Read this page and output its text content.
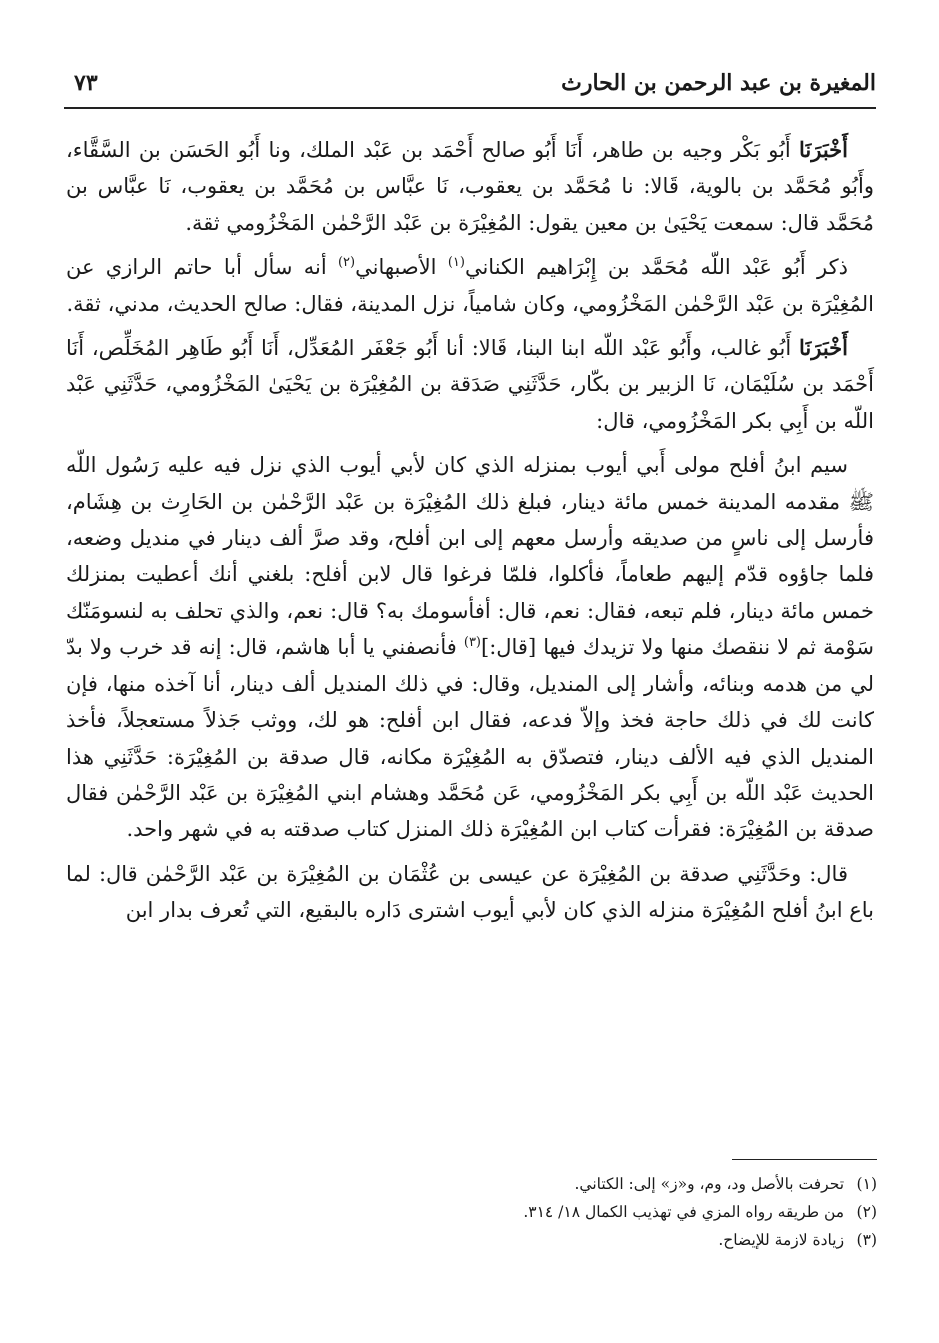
المغيرة بن عبد الرحمن بن الحارث
٧٣

أَخْبَرَنَا أَبُو بَكْر وجيه بن طاهر، أَنَا أَبُو صالح أَحْمَد بن عَبْد الملك، ونا أَبُو الحَسَن بن السَّقَّاء، وأَبُو مُحَمَّد بن بالوية، قَالا: نا مُحَمَّد بن يعقوب، نَا عبَّاس بن مُحَمَّد بن يعقوب، نَا عبَّاس بن مُحَمَّد قال: سمعت يَحْيَىٰ بن معين يقول: المُغِيْرَة بن عَبْد الرَّحْمٰن المَخْزُومي ثقة.

ذكر أَبُو عَبْد اللّه مُحَمَّد بن إِبْرَاهيم الكناني$^{(١)}$ الأصبهاني$^{(٢)}$ أنه سأل أبا حاتم الرازي عن المُغِيْرَة بن عَبْد الرَّحْمٰن المَخْزُومي، وكان شامياً، نزل المدينة، فقال: صالح الحديث، مدني، ثقة.

أَخْبَرَنَا أَبُو غالب، وأَبُو عَبْد اللّه ابنا البنا، قَالا: أنا أَبُو جَعْفَر المُعَدِّل، أَنَا أَبُو طَاهِر المُخَلِّص، أَنَا أَحْمَد بن سُلَيْمَان، نَا الزبير بن بكّار، حَدَّثَنِي صَدَقة بن المُغِيْرَة بن يَحْيَىٰ المَخْزُومي، حَدَّثَنِي عَبْد اللّه بن أَبِي بكر المَخْزُومي، قال:

سيم ابنُ أفلح مولى أَبي أيوب بمنزله الذي كان لأبي أيوب الذي نزل فيه عليه رَسُول اللّه ﷺ مقدمه المدينة خمس مائة دينار، فبلغ ذلك المُغِيْرَة بن عَبْد الرَّحْمٰن بن الحَارِث بن هِشَام، فأرسل إلى ناسٍ من صديقه وأرسل معهم إلى ابن أفلح، وقد صرَّ ألف دينار في منديل وضعه، فلما جاؤوه قدّم إليهم طعاماً، فأكلوا، فلمّا فرغوا قال لابن أفلح: بلغني أنك أعطيت بمنزلك خمس مائة دينار، فلم تبعه، فقال: نعم، قال: أفأسومك به؟ قال: نعم، والذي تحلف به لنسومَنّك سَوْمة ثم لا ننقصك منها ولا تزيدك فيها [قال:]$^{(٣)}$ فأنصفني يا أبا هاشم، قال: إنه قد خرب ولا بدّ لي من هدمه وبنائه، وأشار إلى المنديل، وقال: في ذلك المنديل ألف دينار، أنا آخذه منها، فإن كانت لك في ذلك حاجة فخذ وإلاّ فدعه، فقال ابن أفلح: هو لك، ووثب جَذلاً مستعجلاً، فأخذ المنديل الذي فيه الألف دينار، فتصدّق به المُغِيْرَة مكانه، قال صدقة بن المُغِيْرَة: حَدَّثَنِي هذا الحديث عَبْد اللّه بن أَبِي بكر المَخْزُومي، عَن مُحَمَّد وهشام ابني المُغِيْرَة بن عَبْد الرَّحْمٰن فقال صدقة بن المُغِيْرَة: فقرأت كتاب ابن المُغِيْرَة ذلك المنزل كتاب صدقته به في شهر واحد.

قال: وحَدَّثَنِي صدقة بن المُغِيْرَة عن عيسى بن عُثْمَان بن المُغِيْرَة بن عَبْد الرَّحْمٰن قال: لما باع ابنُ أفلح المُغِيْرَة منزله الذي كان لأبي أيوب اشترى دَاره بالبقيع، التي تُعرف بدار ابن

(١) تحرفت بالأصل ود، وم، و«ز» إلى: الكتاني.
(٢) من طريقه رواه المزي في تهذيب الكمال ١٨/ ٣١٤.
(٣) زيادة لازمة للإيضاح.
